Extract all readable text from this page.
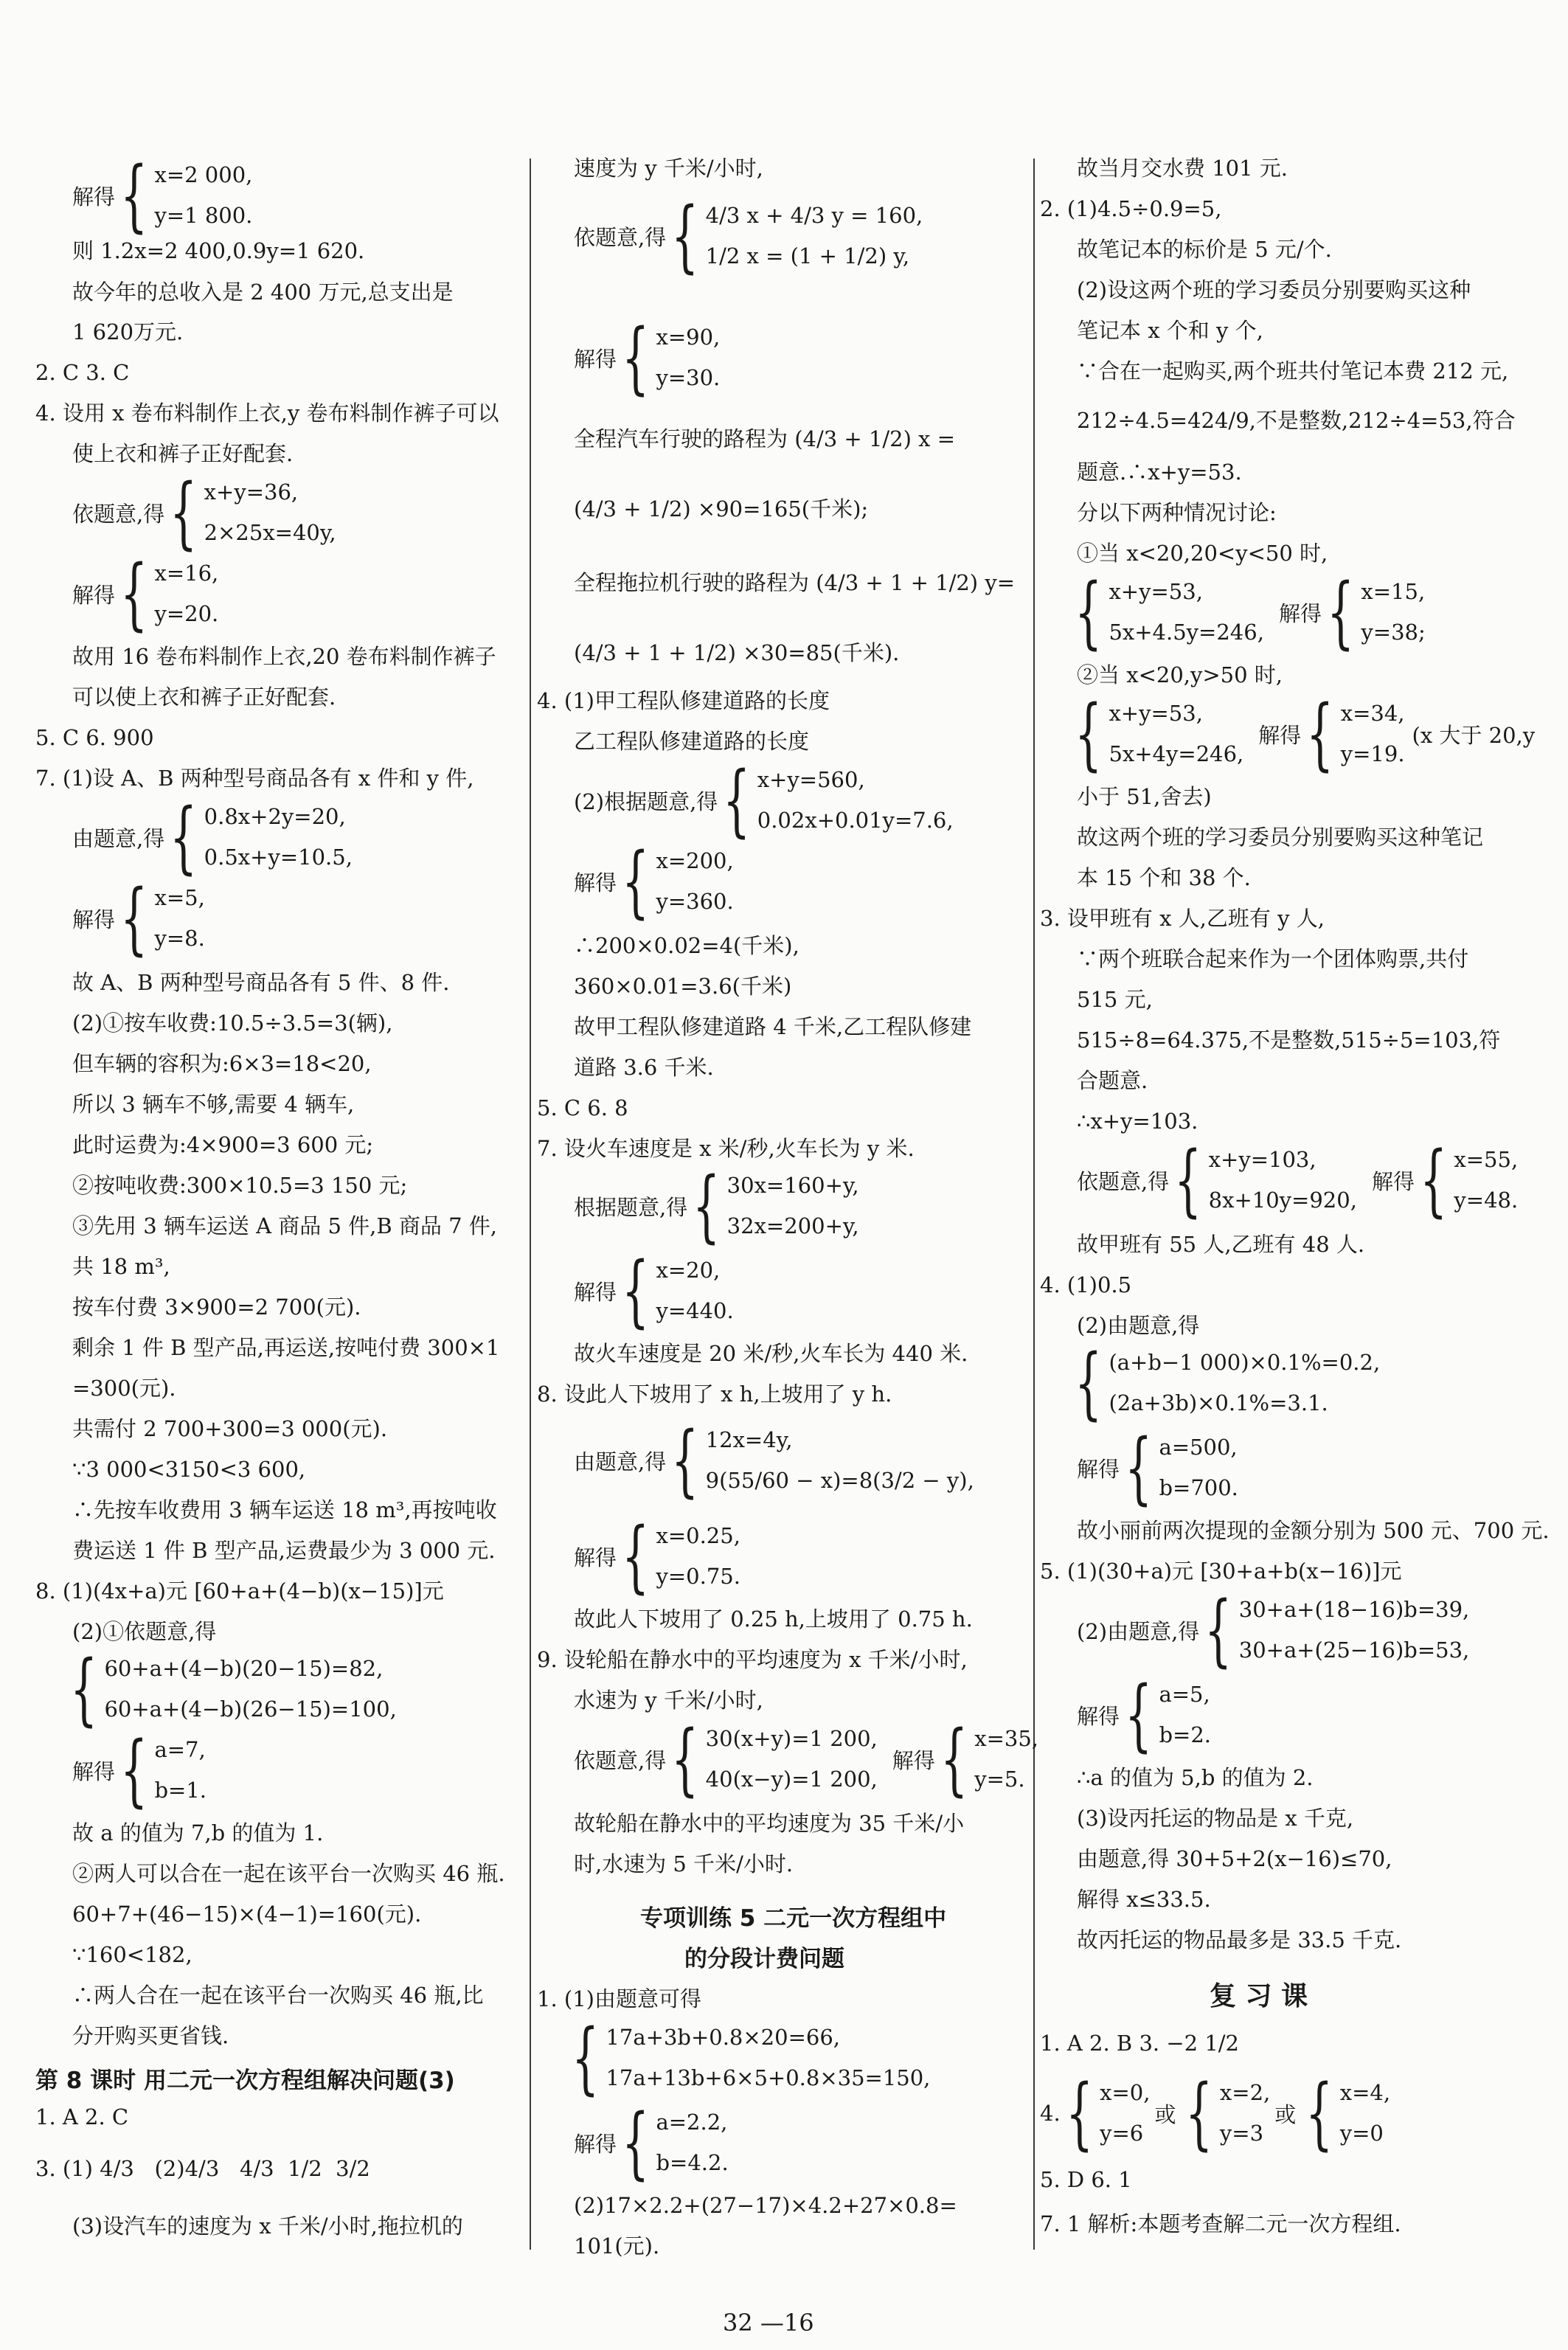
解得 { x=2 000,
y=1 800.
则 1.2x=2 400,0.9y=1 620.
故今年的总收入是 2 400 万元,总支出是
1 620万元.
2. C 3. C
4. 设用 x 卷布料制作上衣,y 卷布料制作裤子可以
使上衣和裤子正好配套.
依题意,得 { x+y=36,
2×25x=40y,
解得 { x=16,
y=20.
故用 16 卷布料制作上衣,20 卷布料制作裤子
可以使上衣和裤子正好配套.
5. C 6. 900
7. (1)设 A、B 两种型号商品各有 x 件和 y 件,
由题意,得 { 0.8x+2y=20,
0.5x+y=10.5,
解得 { x=5,
y=8.
故 A、B 两种型号商品各有 5 件、8 件.
(2)①按车收费:10.5÷3.5=3(辆),
但车辆的容积为:6×3=18<20,
所以 3 辆车不够,需要 4 辆车,
此时运费为:4×900=3 600 元;
②按吨收费:300×10.5=3 150 元;
③先用 3 辆车运送 A 商品 5 件,B 商品 7 件,
共 18 m³,
按车付费 3×900=2 700(元).
剩余 1 件 B 型产品,再运送,按吨付费 300×1
=300(元).
共需付 2 700+300=3 000(元).
∵3 000<3150<3 600,
∴先按车收费用 3 辆车运送 18 m³,再按吨收
费运送 1 件 B 型产品,运费最少为 3 000 元.
8. (1)(4x+a)元 [60+a+(4−b)(x−15)]元
(2)①依题意,得
{ 60+a+(4−b)(20−15)=82,
60+a+(4−b)(26−15)=100,
解得 { a=7,
b=1.
故 a 的值为 7,b 的值为 1.
②两人可以合在一起在该平台一次购买 46 瓶.
60+7+(46−15)×(4−1)=160(元).
∵160<182,
∴两人合在一起在该平台一次购买 46 瓶,比
分开购买更省钱.
第 8 课时 用二元一次方程组解决问题(3)
1. A 2. C
3. (1) 4/3 (2)4/3 4/3 1/2 3/2
(3)设汽车的速度为 x 千米/小时,拖拉机的
速度为 y 千米/小时,
依题意,得 { 4/3 x + 4/3 y = 160,
1/2 x = (1 + 1/2) y,
解得 { x=90,
y=30.
全程汽车行驶的路程为 (4/3 + 1/2) x =
(4/3 + 1/2) ×90=165(千米);
全程拖拉机行驶的路程为 (4/3 + 1 + 1/2) y=
(4/3 + 1 + 1/2) ×30=85(千米).
4. (1)甲工程队修建道路的长度
乙工程队修建道路的长度
(2)根据题意,得 { x+y=560,
0.02x+0.01y=7.6,
解得 { x=200,
y=360.
∴200×0.02=4(千米),
360×0.01=3.6(千米)
故甲工程队修建道路 4 千米,乙工程队修建
道路 3.6 千米.
5. C 6. 8
7. 设火车速度是 x 米/秒,火车长为 y 米.
根据题意,得 { 30x=160+y,
32x=200+y,
解得 { x=20,
y=440.
故火车速度是 20 米/秒,火车长为 440 米.
8. 设此人下坡用了 x h,上坡用了 y h.
由题意,得 { 12x=4y,
9(55/60 − x)=8(3/2 − y),
解得 { x=0.25,
y=0.75.
故此人下坡用了 0.25 h,上坡用了 0.75 h.
9. 设轮船在静水中的平均速度为 x 千米/小时,
水速为 y 千米/小时,
依题意,得 { 30(x+y)=1 200,
40(x−y)=1 200,
解得 { x=35,
y=5.
故轮船在静水中的平均速度为 35 千米/小
时,水速为 5 千米/小时.
专项训练 5 二元一次方程组中
的分段计费问题
1. (1)由题意可得
{ 17a+3b+0.8×20=66,
17a+13b+6×5+0.8×35=150,
解得 { a=2.2,
b=4.2.
(2)17×2.2+(27−17)×4.2+27×0.8=
101(元).
故当月交水费 101 元.
2. (1)4.5÷0.9=5,
故笔记本的标价是 5 元/个.
(2)设这两个班的学习委员分别要购买这种
笔记本 x 个和 y 个,
∵合在一起购买,两个班共付笔记本费 212 元,
212÷4.5=424/9,不是整数,212÷4=53,符合
题意.∴x+y=53.
分以下两种情况讨论:
①当 x<20,20<y<50 时,
{ x+y=53,
5x+4.5y=246,
解得 { x=15,
y=38;
②当 x<20,y>50 时,
{ x+y=53,
5x+4y=246,
解得 { x=34,
y=19.
(x 大于 20,y
小于 51,舍去)
故这两个班的学习委员分别要购买这种笔记
本 15 个和 38 个.
3. 设甲班有 x 人,乙班有 y 人,
∵两个班联合起来作为一个团体购票,共付
515 元,
515÷8=64.375,不是整数,515÷5=103,符
合题意.
∴x+y=103.
依题意,得 { x+y=103,
8x+10y=920,
解得 { x=55,
y=48.
故甲班有 55 人,乙班有 48 人.
4. (1)0.5
(2)由题意,得
{ (a+b−1 000)×0.1%=0.2,
(2a+3b)×0.1%=3.1.
解得 { a=500,
b=700.
故小丽前两次提现的金额分别为 500 元、700 元.
5. (1)(30+a)元 [30+a+b(x−16)]元
(2)由题意,得 { 30+a+(18−16)b=39,
30+a+(25−16)b=53,
解得 { a=5,
b=2.
∴a 的值为 5,b 的值为 2.
(3)设丙托运的物品是 x 千克,
由题意,得 30+5+2(x−16)≤70,
解得 x≤33.5.
故丙托运的物品最多是 33.5 千克.
复 习 课
1. A 2. B 3. −2 1/2
4. { x=0,
y=6
或 { x=2,
y=3
或 { x=4,
y=0
5. D 6. 1
7. 1 解析:本题考查解二元一次方程组.
32 —16
